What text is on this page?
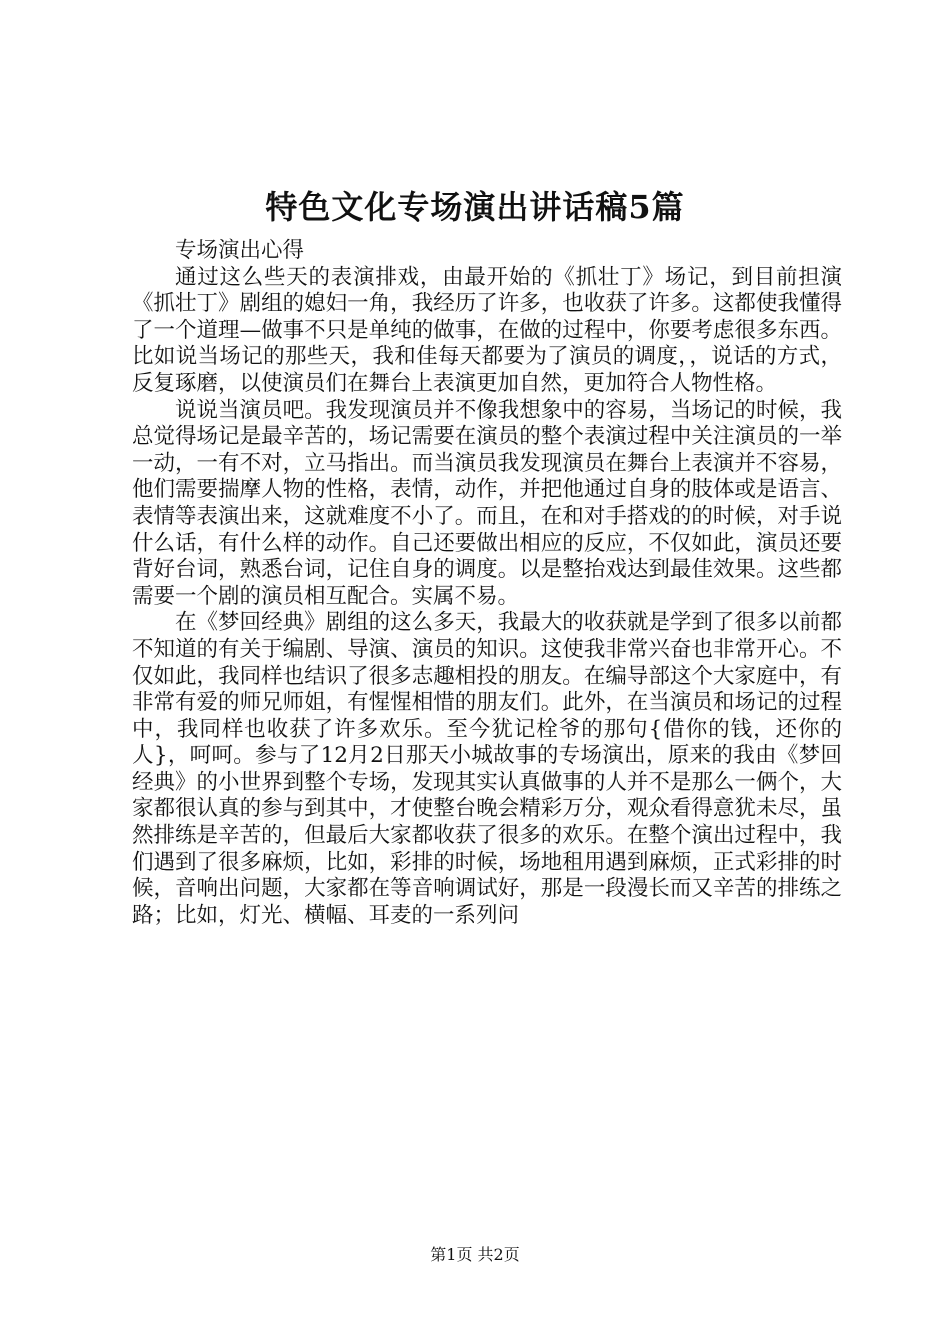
特色文化专场演出讲话稿5篇

专场演出心得

通过这么些天的表演排戏，由最开始的《抓壮丁》场记，到目前担演《抓壮丁》剧组的媳妇一角，我经历了许多，也收获了许多。这都使我懂得了一个道理—做事不只是单纯的做事，在做的过程中，你要考虑很多东西。比如说当场记的那些天，我和佳每天都要为了演员的调度，，说话的方式，反复琢磨，以使演员们在舞台上表演更加自然，更加符合人物性格。

说说当演员吧。我发现演员并不像我想象中的容易，当场记的时候，我总觉得场记是最辛苦的，场记需要在演员的整个表演过程中关注演员的一举一动，一有不对，立马指出。而当演员我发现演员在舞台上表演并不容易，他们需要揣摩人物的性格，表情，动作，并把他通过自身的肢体或是语言、表情等表演出来，这就难度不小了。而且，在和对手搭戏的的时候，对手说什么话，有什么样的动作。自己还要做出相应的反应，不仅如此，演员还要背好台词，熟悉台词，记住自身的调度。以是整抬戏达到最佳效果。这些都需要一个剧的演员相互配合。实属不易。

在《梦回经典》剧组的这么多天，我最大的收获就是学到了很多以前都不知道的有关于编剧、导演、演员的知识。这使我非常兴奋也非常开心。不仅如此，我同样也结识了很多志趣相投的朋友。在编导部这个大家庭中，有非常有爱的师兄师姐，有惺惺相惜的朋友们。此外，在当演员和场记的过程中，我同样也收获了许多欢乐。至今犹记栓爷的那句{借你的钱，还你的人}，呵呵。参与了12月2日那天小城故事的专场演出，原来的我由《梦回经典》的小世界到整个专场，发现其实认真做事的人并不是那么一俩个，大家都很认真的参与到其中，才使整台晚会精彩万分，观众看得意犹未尽，虽然排练是辛苦的，但最后大家都收获了很多的欢乐。在整个演出过程中，我们遇到了很多麻烦，比如，彩排的时候，场地租用遇到麻烦，正式彩排的时候，音响出问题，大家都在等音响调试好，那是一段漫长而又辛苦的排练之路；比如，灯光、横幅、耳麦的一系列问

第1页 共2页
